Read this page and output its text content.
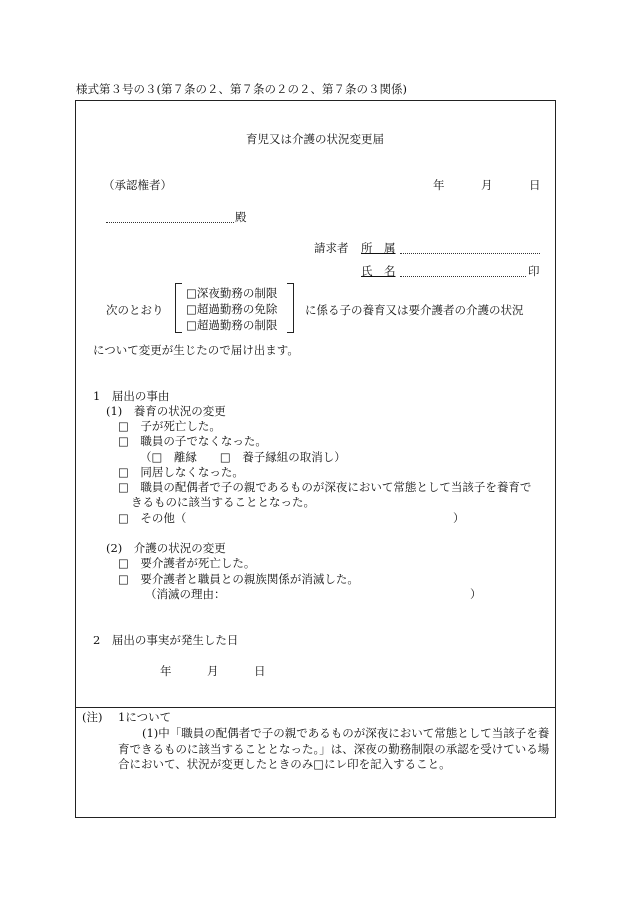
様式第３号の３(第７条の２、第７条の２の２、第７条の３関係)
育児又は介護の状況変更届
（承認権者）	年	月	日
殿
請求者 所　属
氏　名	印
次のとおり
□深夜勤務の制限
□超過勤務の免除
□超過勤務の制限
に係る子の養育又は要介護者の介護の状況
について変更が生じたので届け出ます。
1　届出の事由
(1)　養育の状況の変更
□　子が死亡した。
□　職員の子でなくなった。
（□　離縁　　□　養子縁組の取消し）
□　同居しなくなった。
□　職員の配偶者で子の親であるものが深夜において常態として当該子を養育で
きるものに該当することとなった。
□　その他（	）
(2)　介護の状況の変更
□　要介護者が死亡した。
□　要介護者と職員との親族関係が消滅した。
（消滅の理由：	）
2　届出の事実が発生した日
年	月	日
(注) 1について
(1)中「職員の配偶者で子の親であるものが深夜において常態として当該子を養育できるものに該当することとなった。」は、深夜の勤務制限の承認を受けている場合において、状況が変更したときのみ□にレ印を記入すること。
